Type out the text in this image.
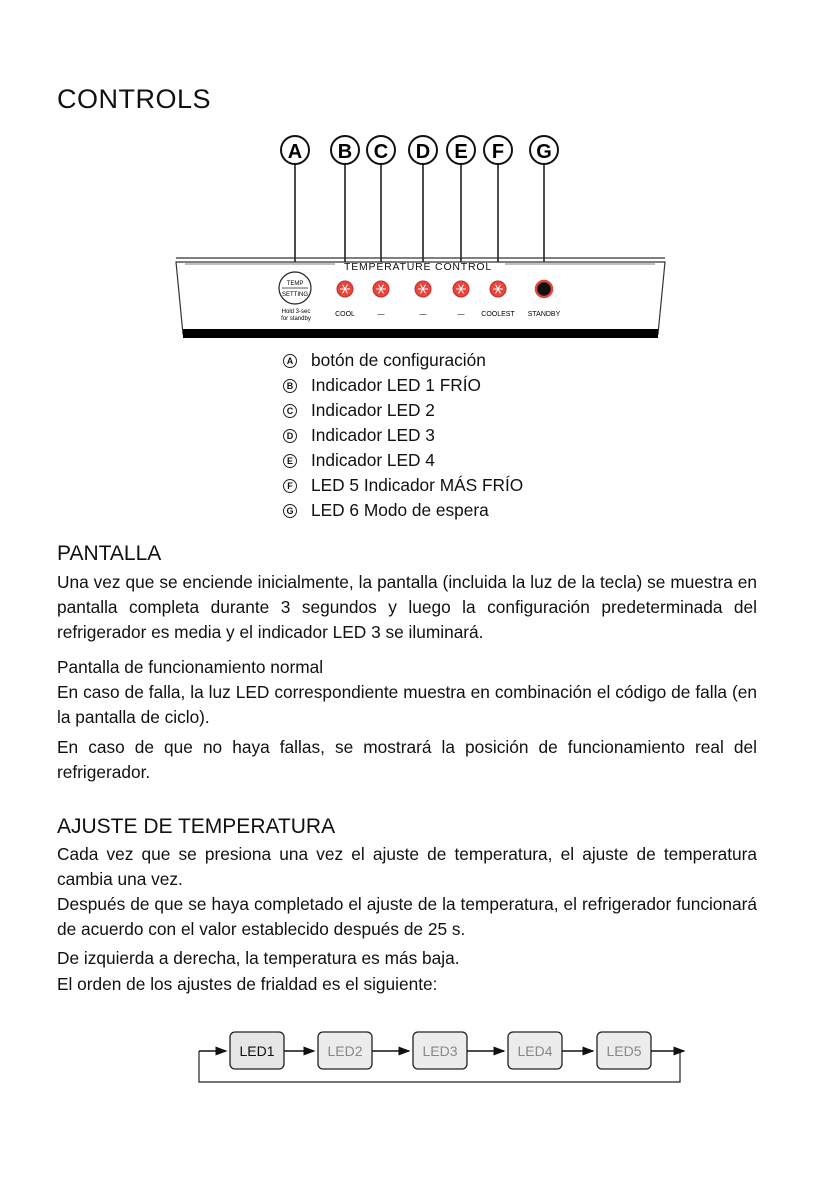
CONTROLS
A B C D E F G
TEMPERATURE CONTROL
TEMP
SETTING
Hold 3-sec
for standby
COOL	—	—	— COOLEST STANDBY
A botón de configuración
B Indicador LED 1 FRÍO
C Indicador LED 2
D Indicador LED 3
E Indicador LED 4
F LED 5 Indicador MÁS FRÍO
G LED 6 Modo de espera
PANTALLA

Una vez que se enciende inicialmente, la pantalla (incluida la luz de la tecla) se muestra en pantalla completa durante 3 segundos y luego la configuración predeterminada del refrigerador es media y el indicador LED 3 se iluminará.

Pantalla de funcionamiento normal

En caso de falla, la luz LED correspondiente muestra en combinación el código de falla (en la pantalla de ciclo).

En caso de que no haya fallas, se mostrará la posición de funcionamiento real del refrigerador.

AJUSTE DE TEMPERATURA

Cada vez que se presiona una vez el ajuste de temperatura, el ajuste de temperatura cambia una vez.

Después de que se haya completado el ajuste de la temperatura, el refrigerador funcionará de acuerdo con el valor establecido después de 25 s.

De izquierda a derecha, la temperatura es más baja.

El orden de los ajustes de frialdad es el siguiente:

LED1	LED2	LED3	LED4	LED5
